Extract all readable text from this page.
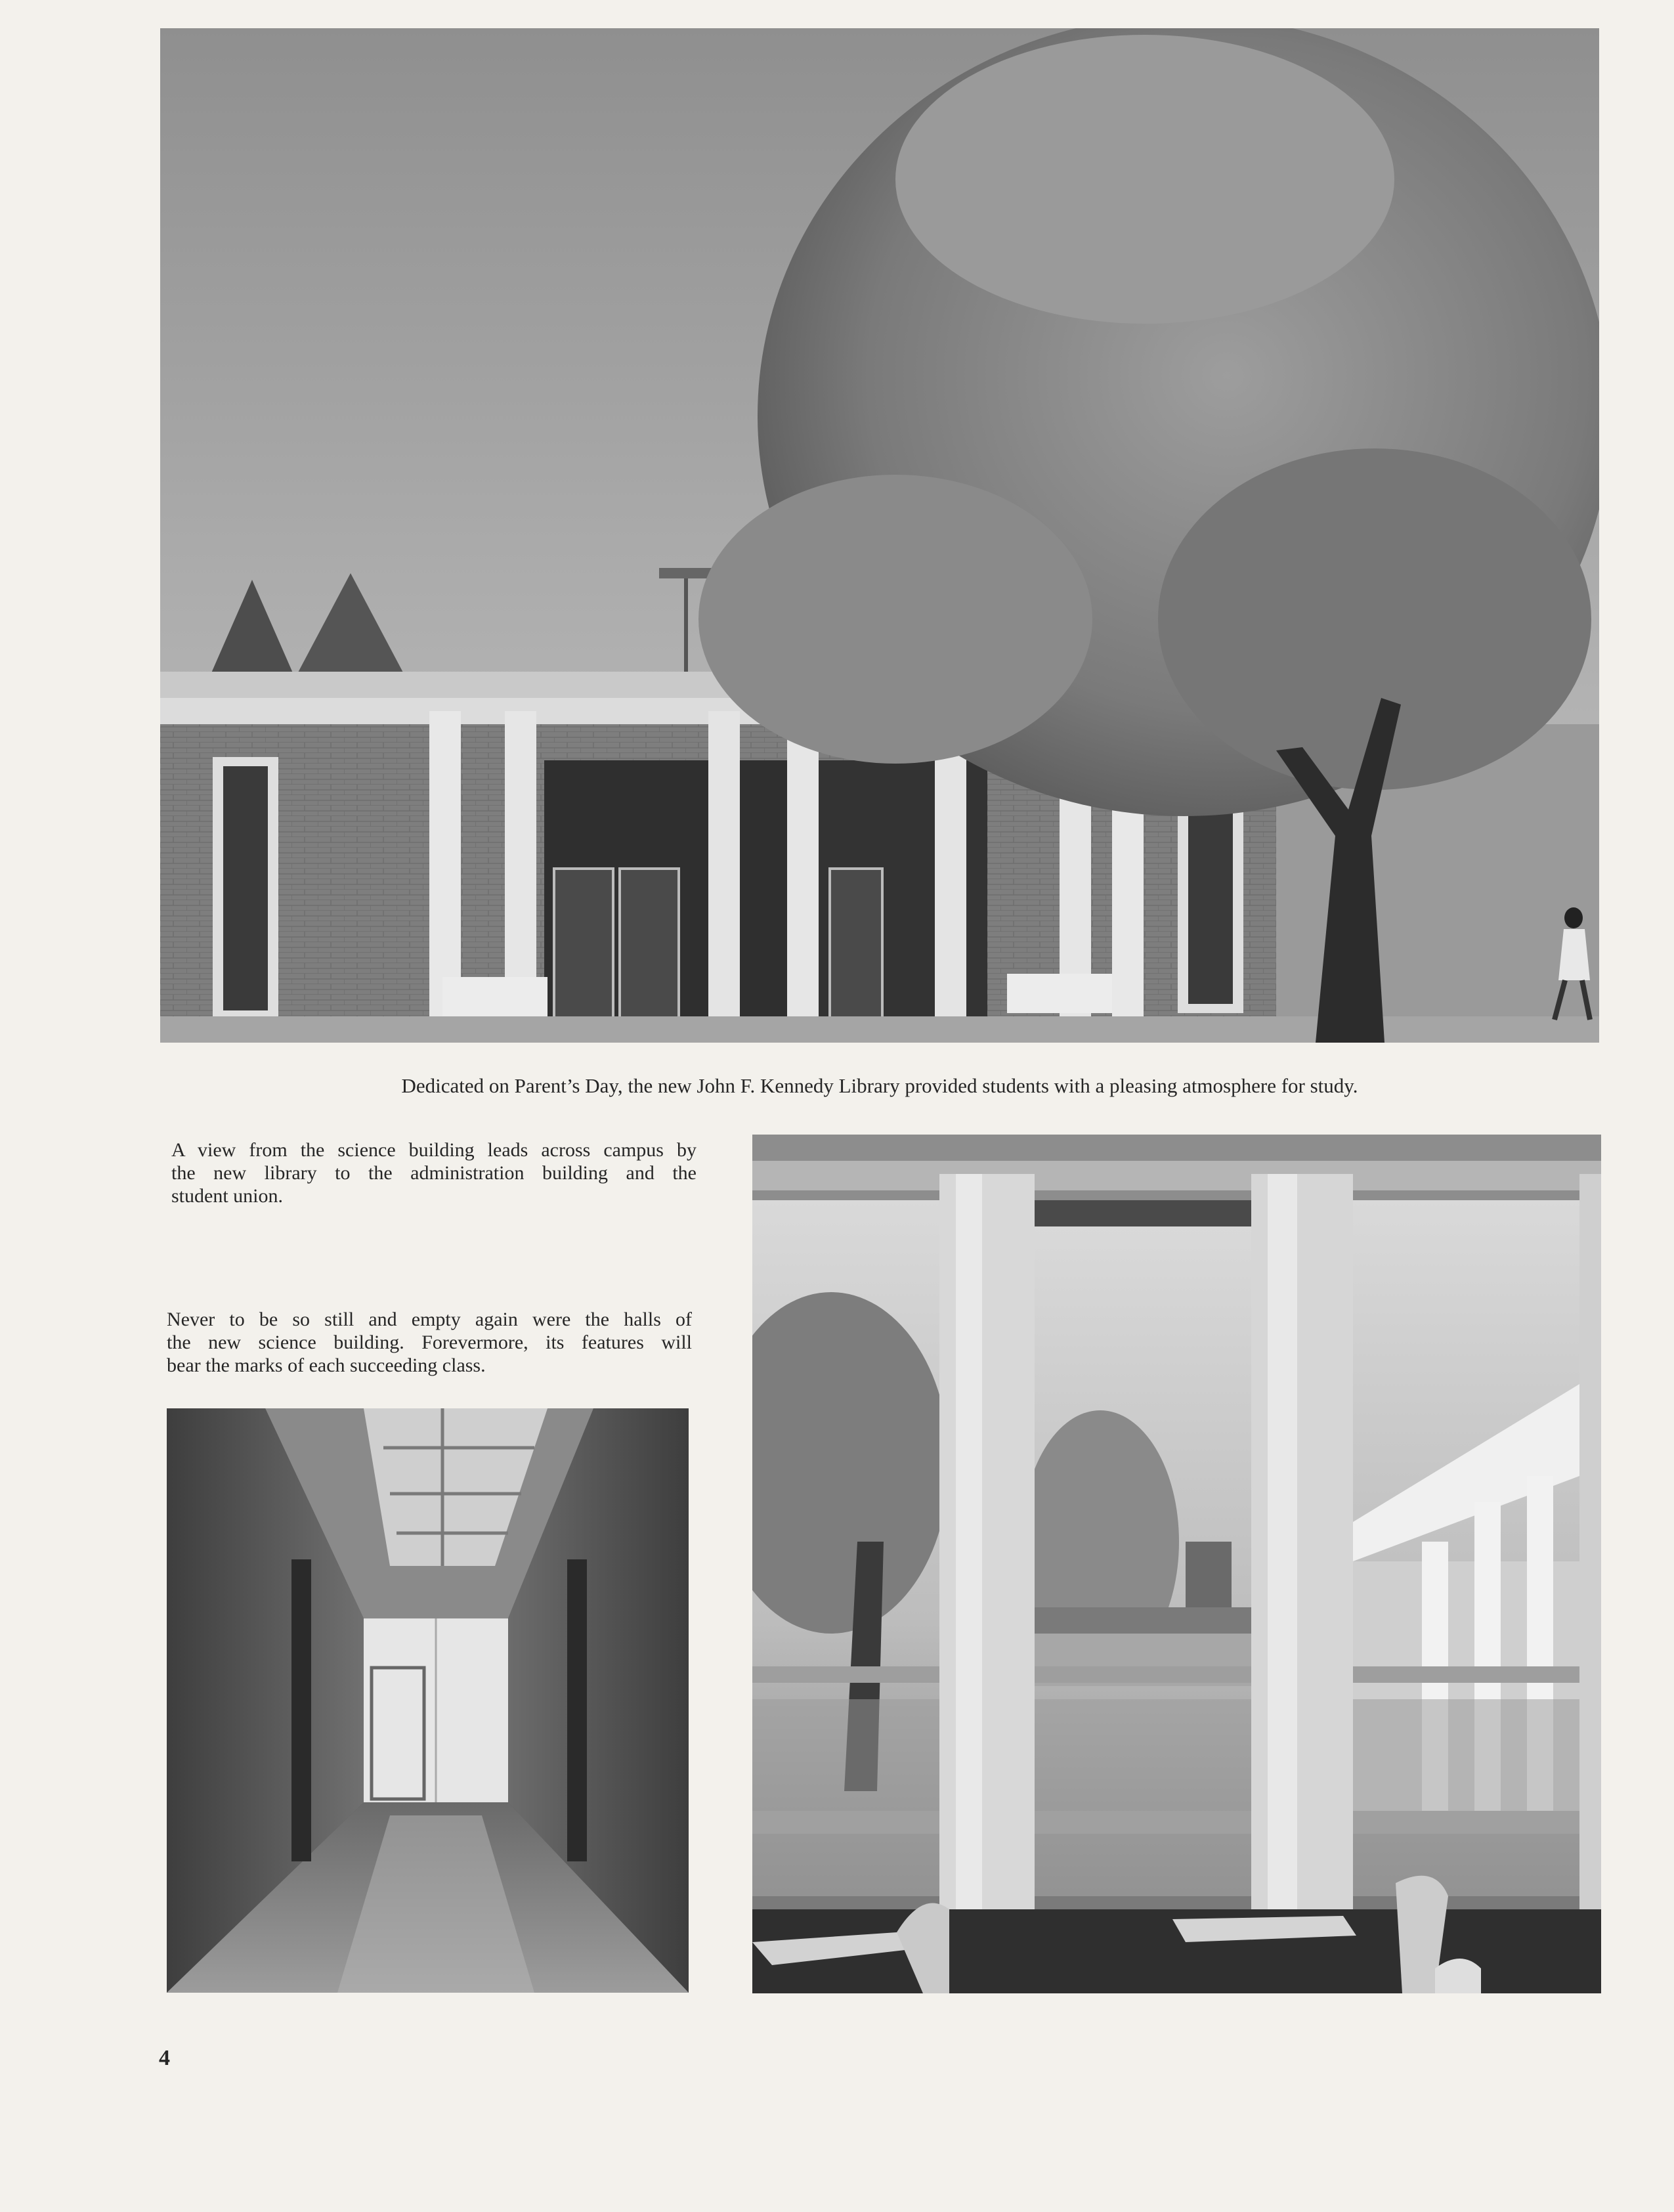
Dedicated on Parent’s Day, the new John F. Kennedy Library provided students with a pleasing atmosphere for study.
A view from the science building leads across campus by
the new library to the administration building and the
student union.
Never to be so still and empty again were the halls of
the new science building. Forevermore, its features will
bear the marks of each succeeding class.
4
